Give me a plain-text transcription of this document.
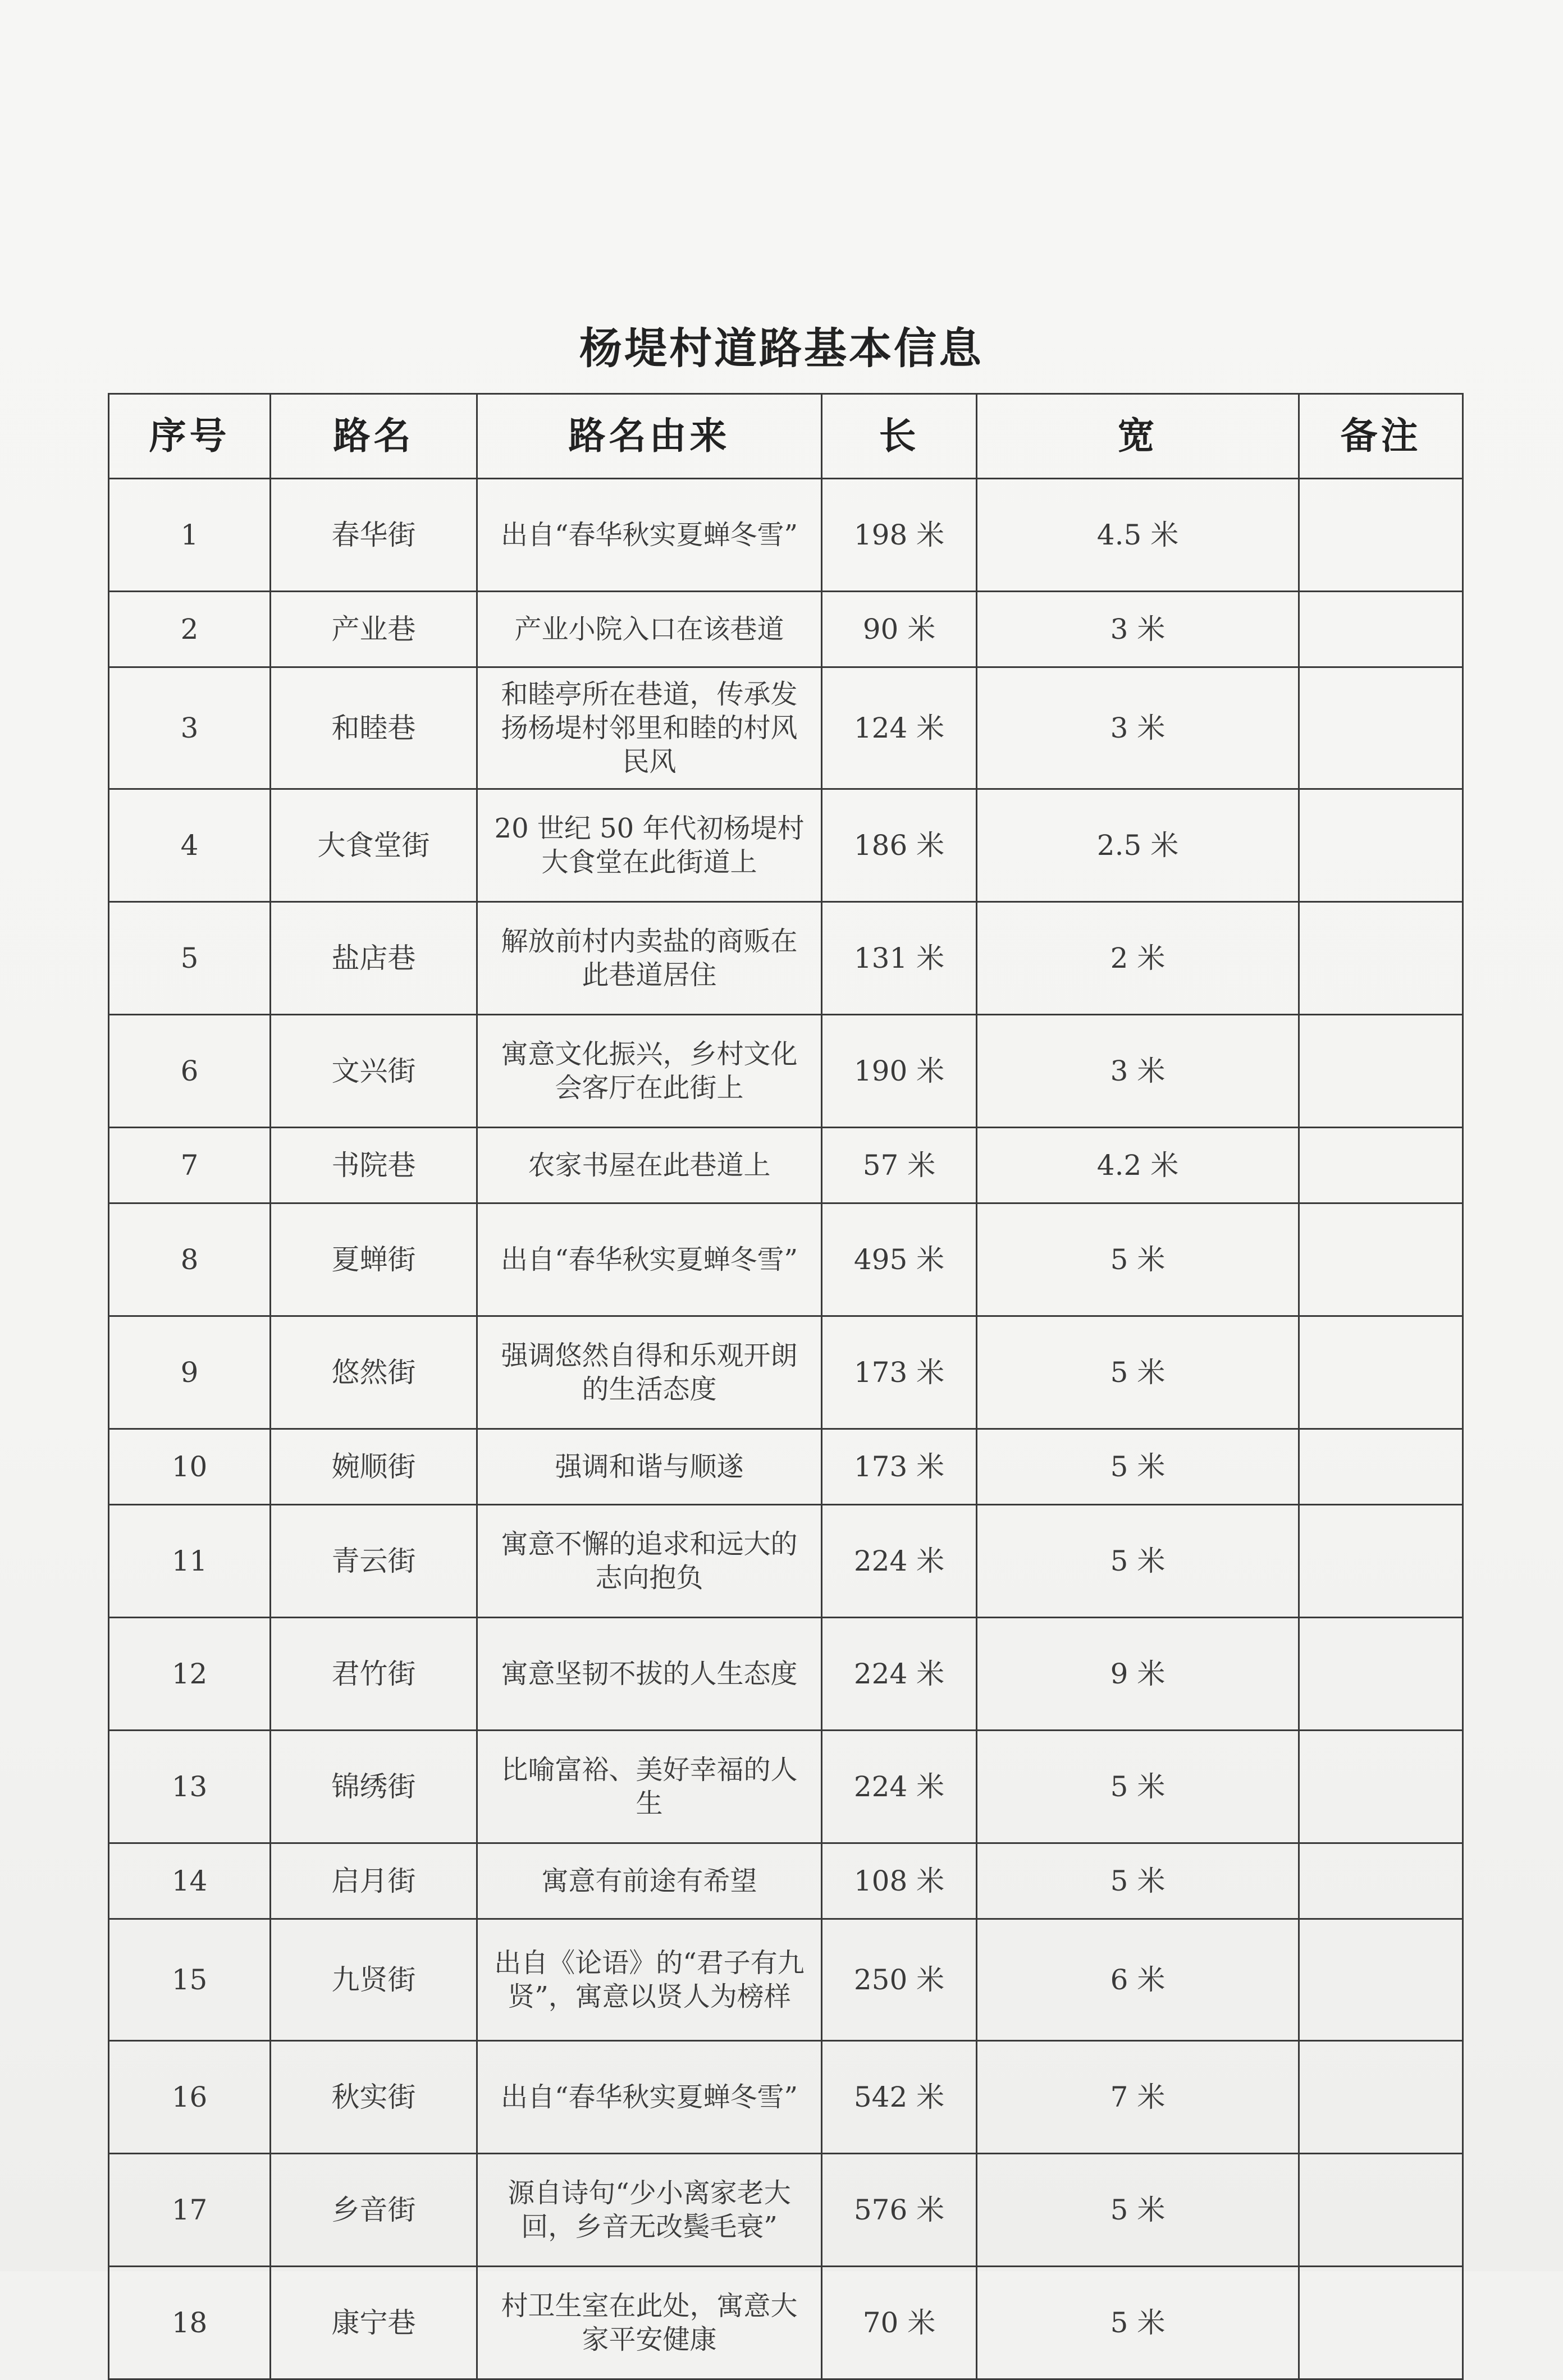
杨堤村道路基本信息
序号	路名	路名由来	长	宽	备注
1	春华街	出自“春华秋实夏蝉冬雪”	198 米	4.5 米	
2	产业巷	产业小院入口在该巷道	90 米	3 米	
3	和睦巷	和睦亭所在巷道，传承发扬杨堤村邻里和睦的村风民风	124 米	3 米	
4	大食堂街	20 世纪 50 年代初杨堤村大食堂在此街道上	186 米	2.5 米	
5	盐店巷	解放前村内卖盐的商贩在此巷道居住	131 米	2 米	
6	文兴街	寓意文化振兴，乡村文化会客厅在此街上	190 米	3 米	
7	书院巷	农家书屋在此巷道上	57 米	4.2 米	
8	夏蝉街	出自“春华秋实夏蝉冬雪”	495 米	5 米	
9	悠然街	强调悠然自得和乐观开朗的生活态度	173 米	5 米	
10	婉顺街	强调和谐与顺遂	173 米	5 米	
11	青云街	寓意不懈的追求和远大的志向抱负	224 米	5 米	
12	君竹街	寓意坚韧不拔的人生态度	224 米	9 米	
13	锦绣街	比喻富裕、美好幸福的人生	224 米	5 米	
14	启月街	寓意有前途有希望	108 米	5 米	
15	九贤街	出自《论语》的“君子有九贤”，寓意以贤人为榜样	250 米	6 米	
16	秋实街	出自“春华秋实夏蝉冬雪”	542 米	7 米	
17	乡音街	源自诗句“少小离家老大回，乡音无改鬓毛衰”	576 米	5 米	
18	康宁巷	村卫生室在此处，寓意大家平安健康	70 米	5 米	
